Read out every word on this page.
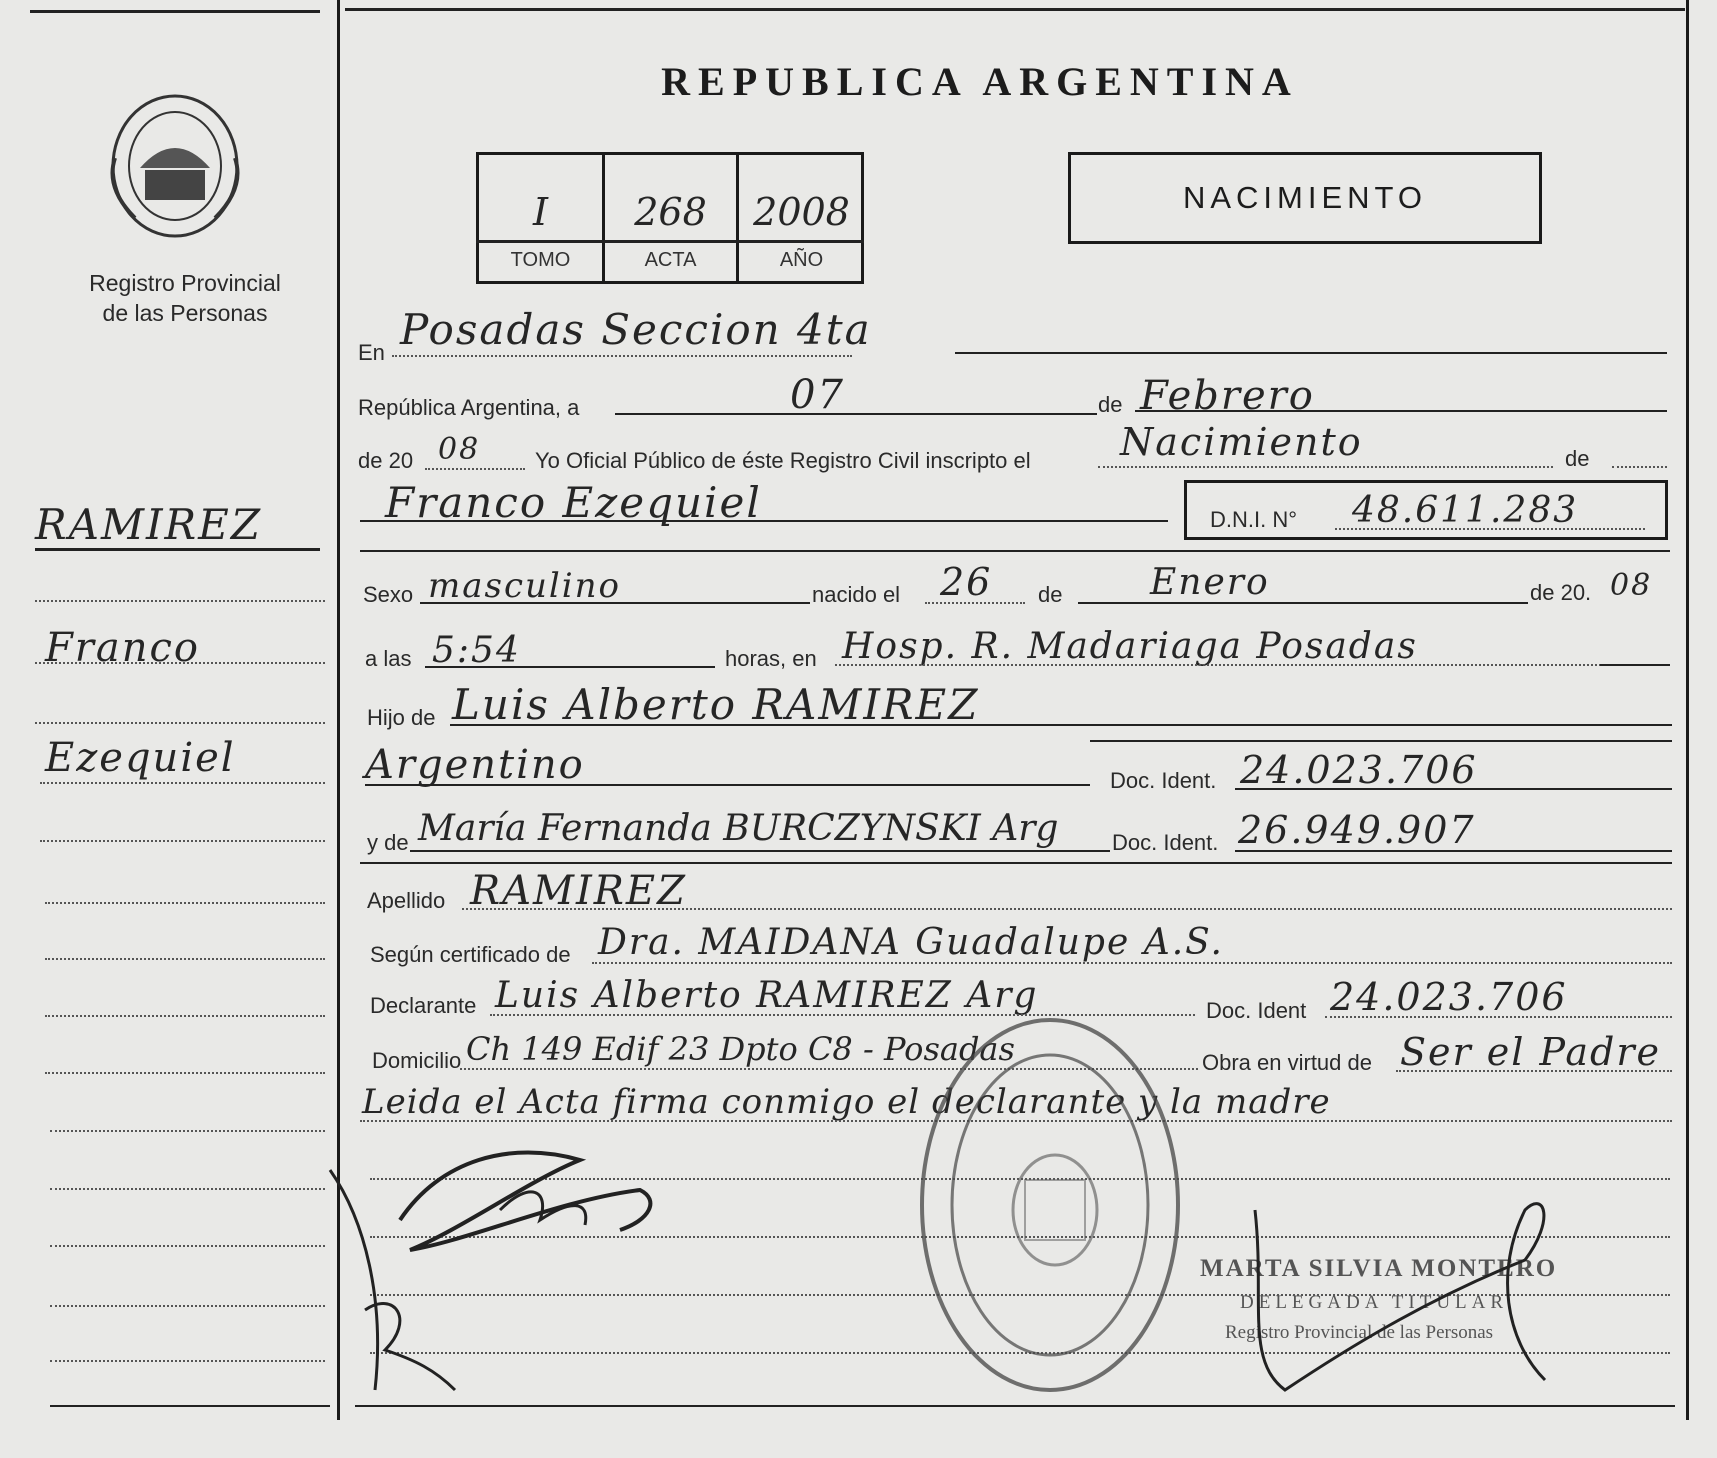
Registro Provincial
de las Personas
RAMIREZ
Franco
Ezequiel
REPUBLICA ARGENTINA
I	268	2008
TOMO	ACTA	AÑO
NACIMIENTO
En Posadas Seccion 4ta
República Argentina, a	07	de Febrero
de 20 08 Yo Oficial Público de éste Registro Civil inscripto el Nacimiento	de
Franco Ezequiel	D.N.I. N° 48.611.283
Sexo masculino	nacido el 26 de Enero	de 20. 08
a las 5:54	horas, en Hosp. R. Madariaga Posadas
Hijo de Luis Alberto RAMIREZ
Argentino	Doc. Ident. 24.023.706
y de María Fernanda BURCZYNSKI Arg Doc. Ident. 26.949.907
Apellido RAMIREZ
Según certificado de Dra. MAIDANA Guadalupe A.S.
Declarante Luis Alberto RAMIREZ Arg	Doc. Ident 24.023.706
Domicilio Ch 149 Edif 23 Dpto C8 - Posadas	Obra en virtud de Ser el Padre
Leida el Acta firma conmigo el declarante y la madre
MARTA SILVIA MONTERO
DELEGADA TITULAR
Registro Provincial de las Personas
